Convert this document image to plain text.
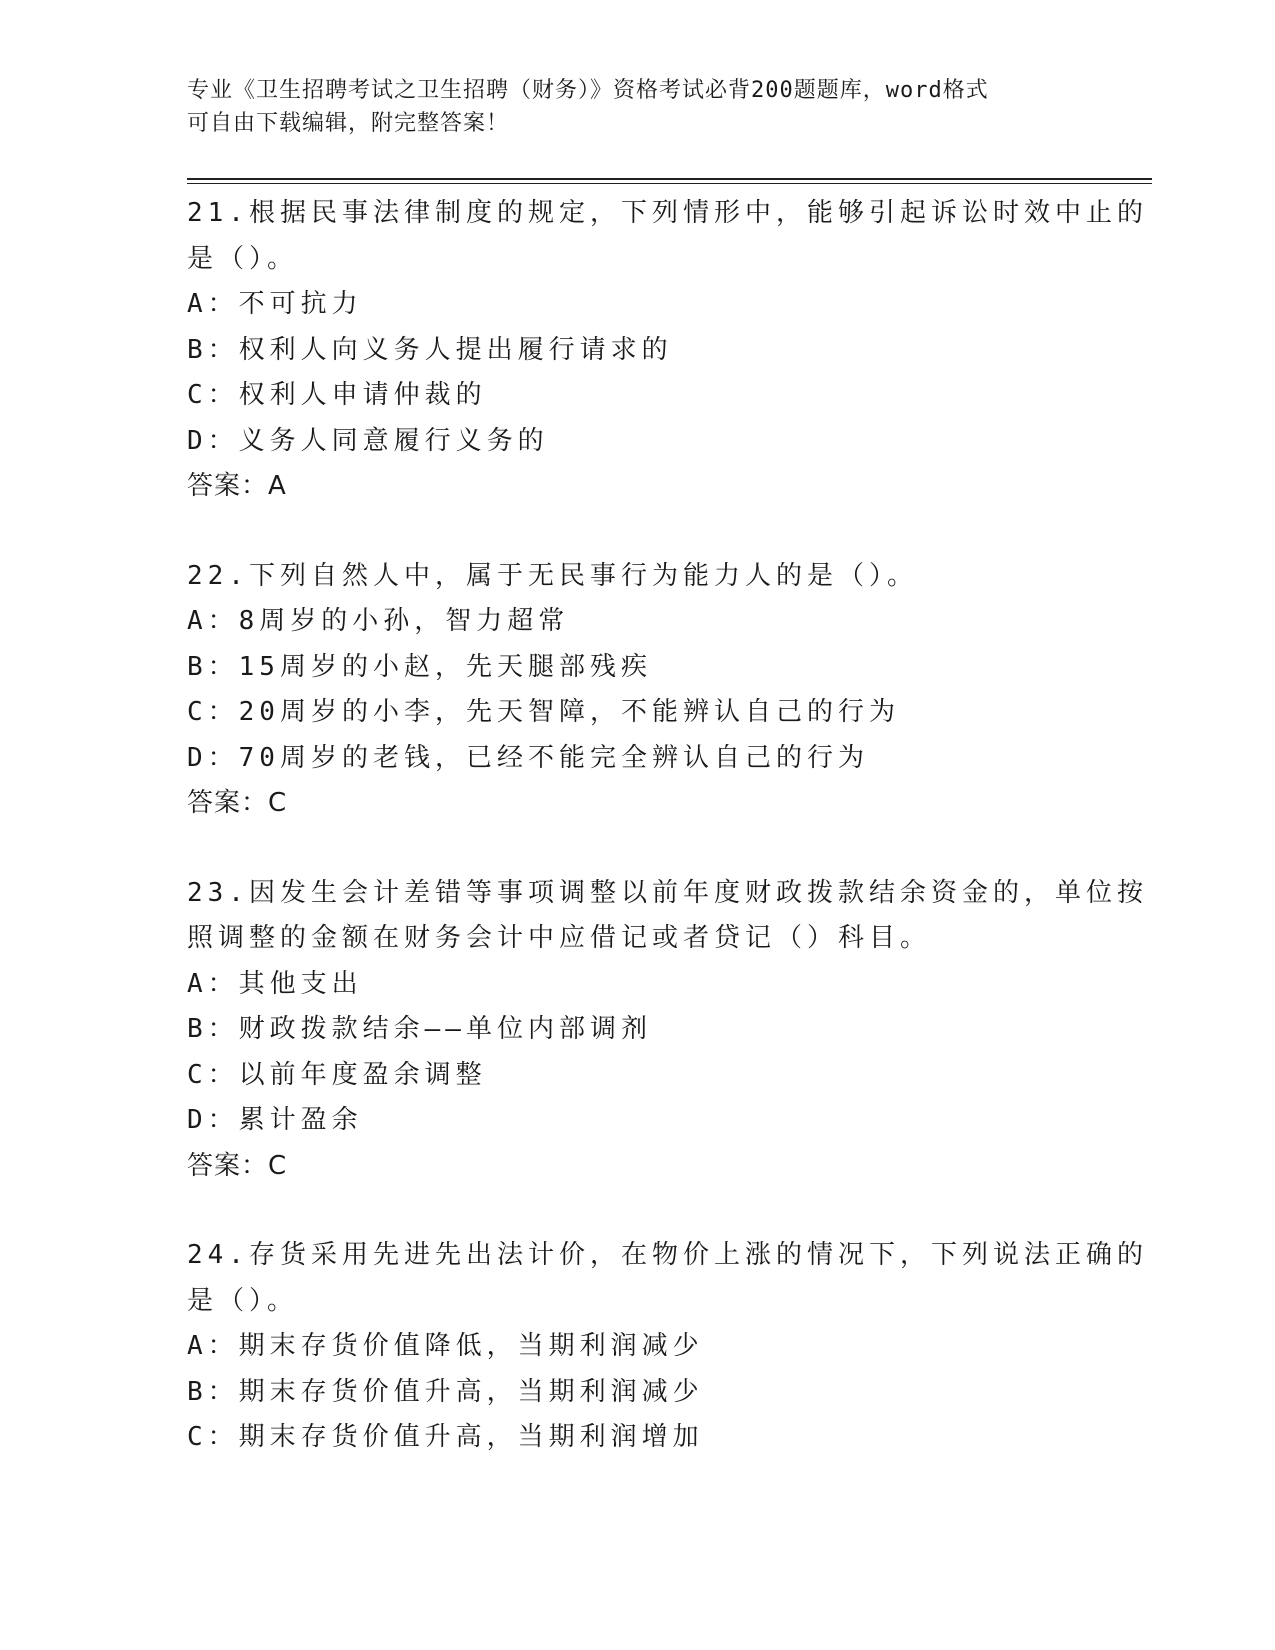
专业《卫生招聘考试之卫生招聘（财务）》资格考试必背200题题库，word格式
可自由下载编辑，附完整答案！
21.根据民事法律制度的规定，下列情形中，能够引起诉讼时效中止的
是（）。
A：不可抗力
B：权利人向义务人提出履行请求的
C：权利人申请仲裁的
D：义务人同意履行义务的
答案：A
22.下列自然人中，属于无民事行为能力人的是（）。
A：8周岁的小孙，智力超常
B：15周岁的小赵，先天腿部残疾
C：20周岁的小李，先天智障，不能辨认自己的行为
D：70周岁的老钱，已经不能完全辨认自己的行为
答案：C
23.因发生会计差错等事项调整以前年度财政拨款结余资金的，单位按
照调整的金额在财务会计中应借记或者贷记（）科目。
A：其他支出
B：财政拨款结余——单位内部调剂
C：以前年度盈余调整
D：累计盈余
答案：C
24.存货采用先进先出法计价，在物价上涨的情况下，下列说法正确的
是（）。
A：期末存货价值降低，当期利润减少
B：期末存货价值升高，当期利润减少
C：期末存货价值升高，当期利润增加
